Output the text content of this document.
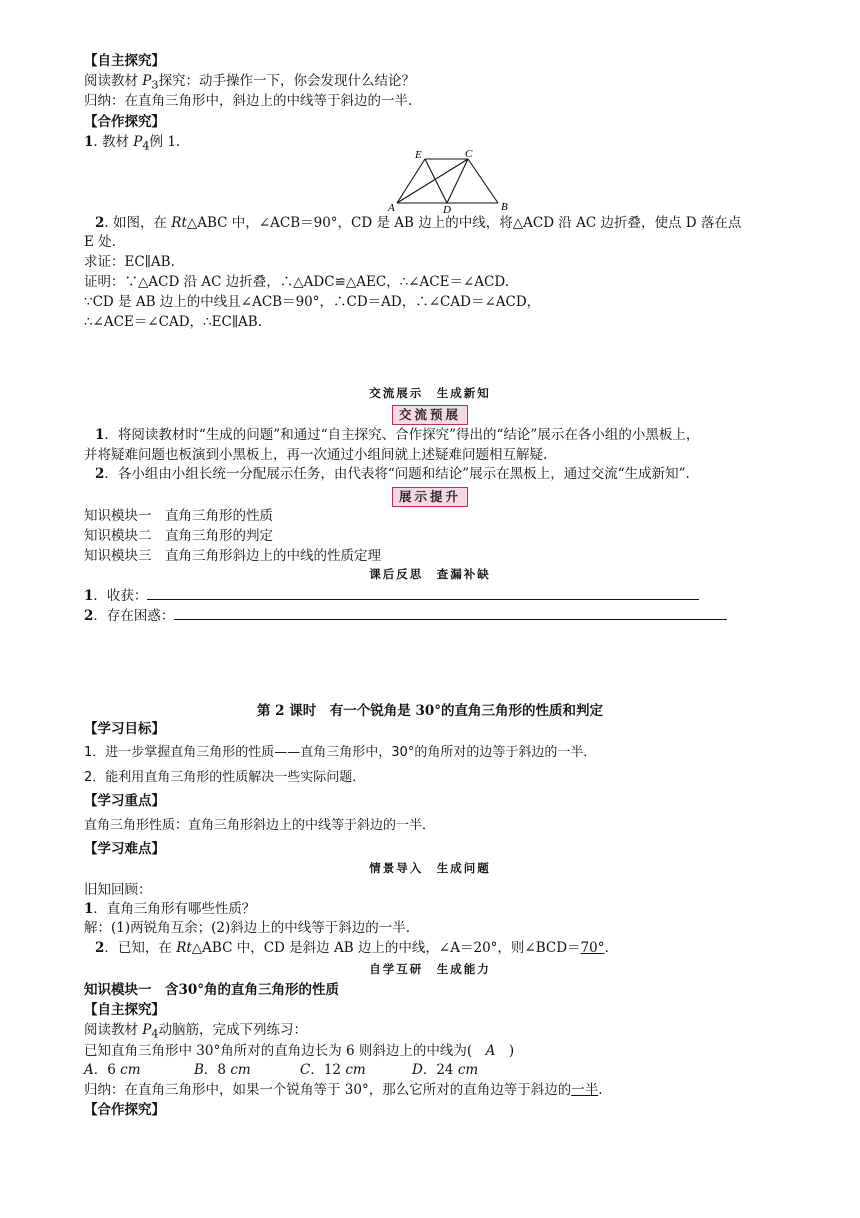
【自主探究】
阅读教材 $P_3$探究：动手操作一下，你会发现什么结论？
归纳：在直角三角形中，斜边上的中线等于斜边的一半.
【合作探究】
1. 教材 $P_4$例 1.
E	C
A	D	B
2. 如图，在 Rt△ABC 中，∠ACB＝90°，CD 是 AB 边上的中线，将△ACD 沿 AC 边折叠，使点 D 落在点
E 处.
求证：EC∥AB.
证明：∵△ACD 沿 AC 边折叠，∴△ADC≌△AEC，∴∠ACE＝∠ACD.
∵CD 是 AB 边上的中线且∠ACB＝90°，∴CD＝AD，∴∠CAD＝∠ACD，
∴∠ACE＝∠CAD，∴EC∥AB.
交流展示　生成新知
交流预展
1．将阅读教材时“生成的问题”和通过“自主探究、合作探究”得出的“结论”展示在各小组的小黑板上，
并将疑难问题也板演到小黑板上，再一次通过小组间就上述疑难问题相互解疑.
2．各小组由小组长统一分配展示任务，由代表将“问题和结论”展示在黑板上，通过交流“生成新知”.
展示提升
知识模块一　直角三角形的性质
知识模块二　直角三角形的判定
知识模块三　直角三角形斜边上的中线的性质定理
课后反思　查漏补缺
1．收获：
2．存在困惑：
第 2 课时　有一个锐角是 30°的直角三角形的性质和判定
【学习目标】
1．进一步掌握直角三角形的性质——直角三角形中，30°的角所对的边等于斜边的一半．
2．能利用直角三角形的性质解决一些实际问题．
【学习重点】
直角三角形性质：直角三角形斜边上的中线等于斜边的一半．
【学习难点】
情景导入　生成问题
旧知回顾：
1．直角三角形有哪些性质？
解：(1)两锐角互余；(2)斜边上的中线等于斜边的一半.
2．已知，在 Rt△ABC 中，CD 是斜边 AB 边上的中线，∠A＝20°，则∠BCD＝70°.
自学互研　生成能力
知识模块一　含30°角的直角三角形的性质
【自主探究】
阅读教材 $P_4$动脑筋，完成下列练习：
已知直角三角形中 30°角所对的直角边长为 6 则斜边上的中线为(　A　)
A．6 cm	B．8 cm	C．12 cm	D．24 cm
归纳：在直角三角形中，如果一个锐角等于 30°，那么它所对的直角边等于斜边的一半.
【合作探究】
